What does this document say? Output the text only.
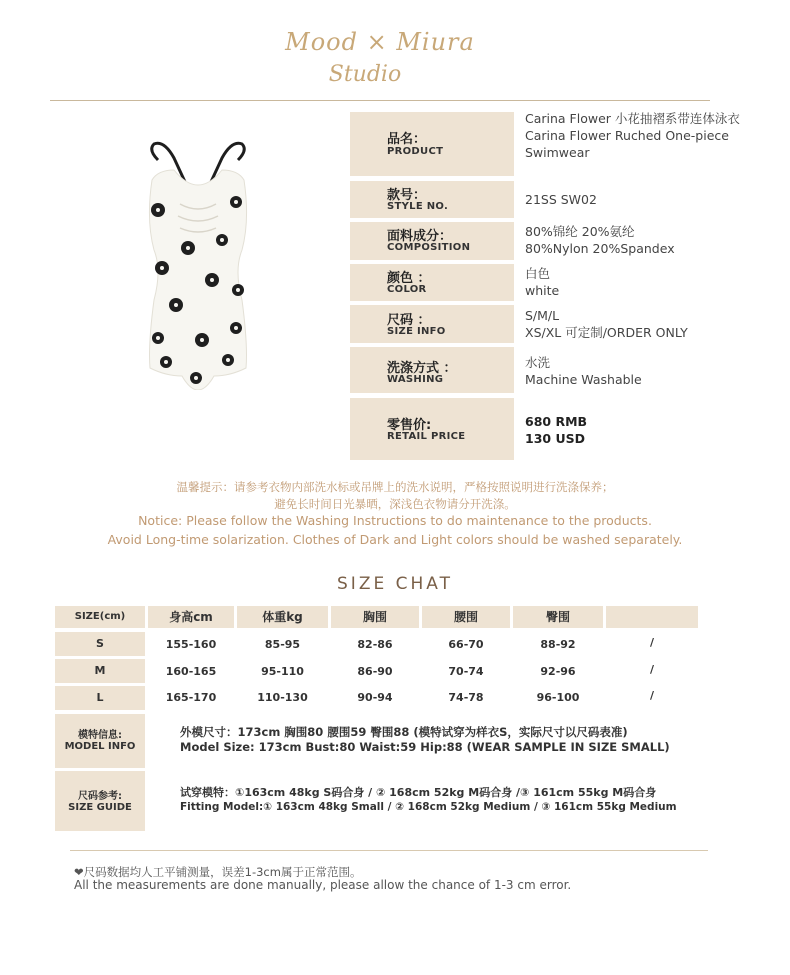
Mood × Miura
Studio
品名：
PRODUCT
Carina Flower 小花抽褶系带连体泳衣
Carina Flower Ruched One-piece Swimwear
款号：
STYLE NO.	21SS SW02
面料成分：
COMPOSITION
80%锦纶 20%氨纶
80%Nylon 20%Spandex
颜色 ：
COLOR
白色
white
尺码 ：
SIZE INFO
S/M/L
XS/XL 可定制/ORDER ONLY
洗涤方式 ：
WASHING
水洗
Machine Washable
零售价:
RETAIL PRICE
680 RMB
130 USD
温馨提示：请参考衣物内部洗水标或吊牌上的洗水说明，严格按照说明进行洗涤保养；
避免长时间日光暴晒，深浅色衣物请分开洗涤。
Notice: Please follow the Washing Instructions to do maintenance to the products.
Avoid Long-time solarization. Clothes of Dark and Light colors should be washed separately.
SIZE CHAT
SIZE(cm)	身高cm	体重kg	胸围	腰围	臀围
S	155-160	85-95	82-86	66-70	88-92	/
M	160-165	95-110	86-90	70-74	92-96	/
L	165-170	110-130	90-94	74-78	96-100	/
模特信息:
MODEL INFO
外模尺寸：173cm 胸围80 腰围59 臀围88 (模特试穿为样衣S，实际尺寸以尺码表准)
Model Size: 173cm Bust:80 Waist:59 Hip:88 (WEAR SAMPLE IN SIZE SMALL)
尺码参考:
SIZE GUIDE
试穿模特：①163cm 48kg S码合身 / ② 168cm 52kg M码合身 /③ 161cm 55kg M码合身
Fitting Model:① 163cm 48kg Small / ② 168cm 52kg Medium / ③ 161cm 55kg Medium
❤尺码数据均人工平铺测量，误差1-3cm属于正常范围。
All the measurements are done manually, please allow the chance of 1-3 cm error.
